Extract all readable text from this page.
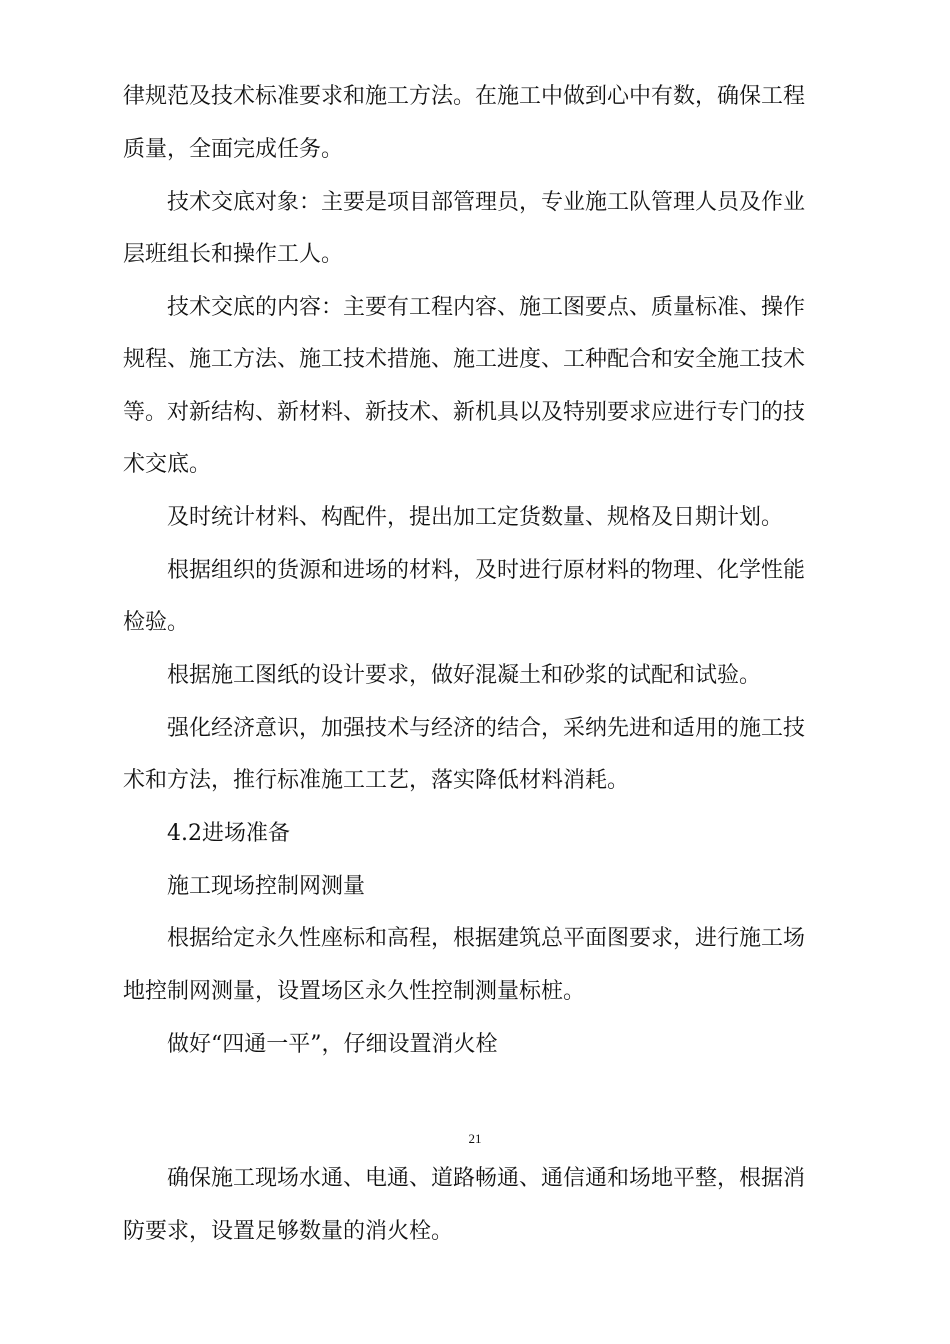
律规范及技术标准要求和施工方法。在施工中做到心中有数，确保工程

质量，全面完成任务。

　　技术交底对象：主要是项目部管理员，专业施工队管理人员及作业

层班组长和操作工人。

　　技术交底的内容：主要有工程内容、施工图要点、质量标准、操作

规程、施工方法、施工技术措施、施工进度、工种配合和安全施工技术

等。对新结构、新材料、新技术、新机具以及特别要求应进行专门的技

术交底。

　　及时统计材料、构配件，提出加工定货数量、规格及日期计划。

　　根据组织的货源和进场的材料，及时进行原材料的物理、化学性能

检验。

　　根据施工图纸的设计要求，做好混凝土和砂浆的试配和试验。

　　强化经济意识，加强技术与经济的结合，采纳先进和适用的施工技

术和方法，推行标准施工工艺，落实降低材料消耗。

　　4.2进场准备

　　施工现场控制网测量

　　根据给定永久性座标和高程，根据建筑总平面图要求，进行施工场

地控制网测量，设置场区永久性控制测量标桩。

　　做好“四通一平”，仔细设置消火栓

21

　　确保施工现场水通、电通、道路畅通、通信通和场地平整，根据消

防要求，设置足够数量的消火栓。
